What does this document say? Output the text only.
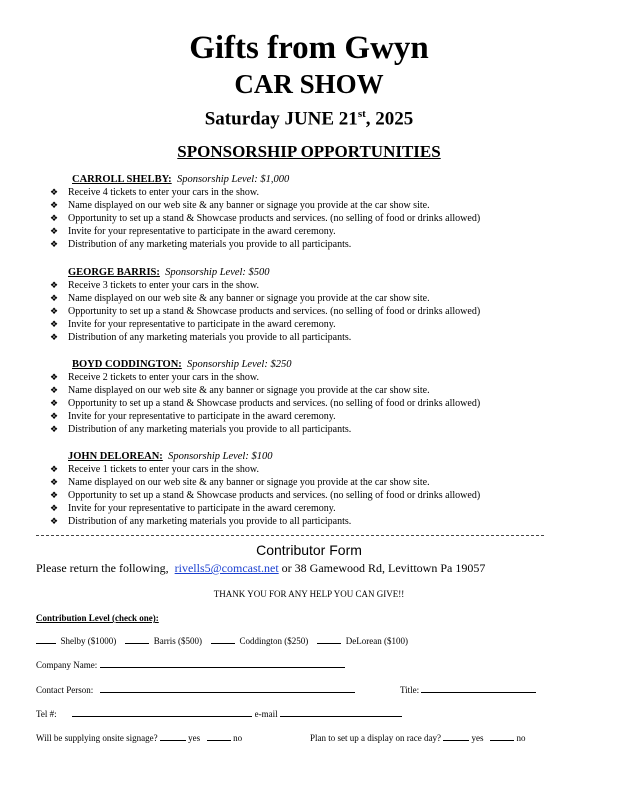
Gifts from Gwyn
CAR SHOW
Saturday JUNE 21st, 2025
SPONSORSHIP OPPORTUNITIES
CARROLL SHELBY: Sponsorship Level: $1,000
❖ Receive 4 tickets to enter your cars in the show.
❖ Name displayed on our web site & any banner or signage you provide at the car show site.
❖ Opportunity to set up a stand & Showcase products and services. (no selling of food or drinks allowed)
❖ Invite for your representative to participate in the award ceremony.
❖ Distribution of any marketing materials you provide to all participants.
GEORGE BARRIS: Sponsorship Level: $500
❖ Receive 3 tickets to enter your cars in the show.
❖ Name displayed on our web site & any banner or signage you provide at the car show site.
❖ Opportunity to set up a stand & Showcase products and services. (no selling of food or drinks allowed)
❖ Invite for your representative to participate in the award ceremony.
❖ Distribution of any marketing materials you provide to all participants.
BOYD CODDINGTON: Sponsorship Level: $250
❖ Receive 2 tickets to enter your cars in the show.
❖ Name displayed on our web site & any banner or signage you provide at the car show site.
❖ Opportunity to set up a stand & Showcase products and services. (no selling of food or drinks allowed)
❖ Invite for your representative to participate in the award ceremony.
❖ Distribution of any marketing materials you provide to all participants.
JOHN DELOREAN: Sponsorship Level: $100
❖ Receive 1 tickets to enter your cars in the show.
❖ Name displayed on our web site & any banner or signage you provide at the car show site.
❖ Opportunity to set up a stand & Showcase products and services. (no selling of food or drinks allowed)
❖ Invite for your representative to participate in the award ceremony.
❖ Distribution of any marketing materials you provide to all participants.
Contributor Form
Please return the following, rivells5@comcast.net or 38 Gamewood Rd, Levittown Pa 19057
THANK YOU FOR ANY HELP YOU CAN GIVE!!
Contribution Level (check one):
Shelby ($1000)	Barris ($500)	Coddington ($250)	DeLorean ($100)
Company Name:
Contact Person:	Title:
Tel #:	e-mail
Will be supplying onsite signage?	yes	no	Plan to set up a display on race day?	yes	no
